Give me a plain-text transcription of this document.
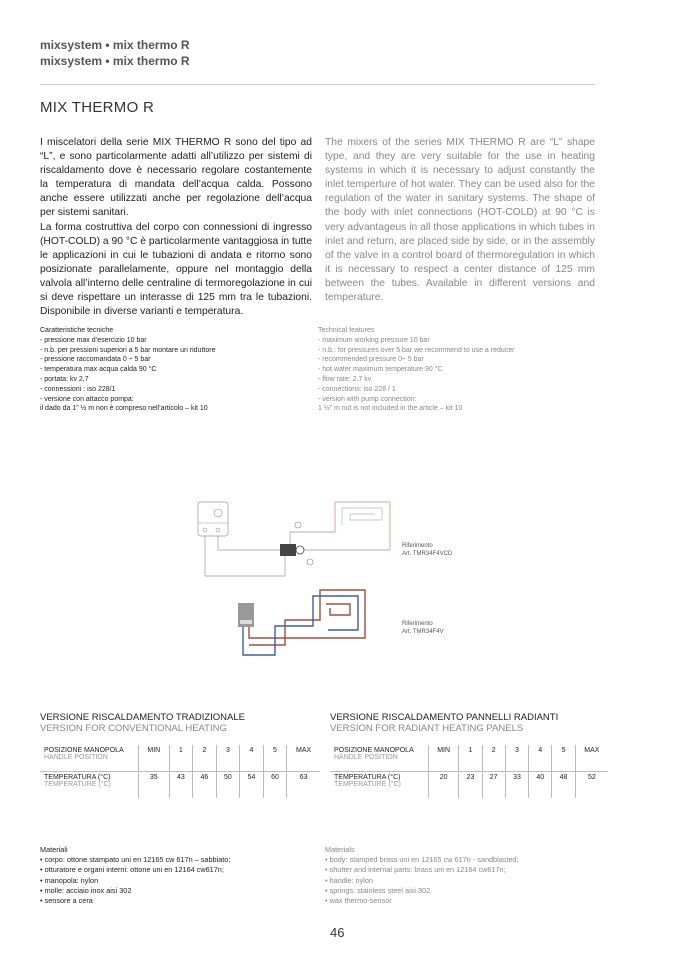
mixsystem • mix thermo R
mixsystem • mix thermo R
MIX THERMO R

I miscelatori della serie MIX THERMO R sono del tipo ad “L”, e sono particolarmente adatti all’utilizzo per sistemi di riscaldamento dove è necessario regolare costantemente la temperatura di mandata dell’acqua calda. Possono anche essere utilizzati anche per regolazione dell’acqua per sistemi sanitari.

La forma costruttiva del corpo con connessioni di ingresso (HOT-COLD) a 90 °C è particolarmente vantaggiosa in tutte le applicazioni in cui le tubazioni di andata e ritorno sono posizionate parallelamente, oppure nel montaggio della valvola all’interno delle centraline di termoregolazione in cui si deve rispettare un interasse di 125 mm tra le tubazioni. Disponibile in diverse varianti e temperatura.

The mixers of the series MIX THERMO R are “L” shape type, and they are very suitable for the use in heating systems in which it is necessary to adjust constantly the inlet temperture of hot water. They can be used also for the regulation of the water in sanitary systems. The shape of the body with inlet connections (HOT-COLD) at 90 °C is very advantageus in all those applications in which tubes in inlet and return, are placed side by side, or in the assembly of the valve in a control board of thermoregulation in which it is necessary to respect a center distance of 125 mm between the tubes. Available in different versions and temperature.

Caratteristiche tecniche
- pressione max d’esercizio 10 bar
- n.b. per pressioni superiori a 5 bar montare un riduttore
- pressione raccomandata 0 ÷ 5 bar
- temperatura max acqua calda 90 °C
- portata: kv 2,7
- connessioni : iso 228/1
- versione con attacco pompa:
il dado da 1” ½ m non è compreso nell’articolo – kit 10
Technical features
- maximum working pressure 10 bar
- n.b.: for pressures over 5 bar we recommend to use a reducer
- recommended pressure 0÷ 5 bar
- hot water maximum temperature 90 °C
- flow rate: 2.7 kv
- connections: iso 228 / 1
- version with pump connection:
1 ½” m nut is not included in the article – kit 10
Riferimento
Art. TMR34F4VCD
Riferimento
Art. TMR34F4V
VERSIONE RISCALDAMENTO TRADIZIONALE
VERSION FOR CONVENTIONAL HEATING
POSIZIONE MANOPOLA
HANDLE POSITION	MIN	1	2	3	4	5	MAX
TEMPERATURA (°C)
TEMPERATURE (°C)	35	43	46	50	54	60	63
VERSIONE RISCALDAMENTO PANNELLI RADIANTI
VERSION FOR RADIANT HEATING PANELS
POSIZIONE MANOPOLA
HANDLE POSITION	MIN	1	2	3	4	5	MAX
TEMPERATURA (°C)
TEMPERATURE (°C)	20	23	27	33	40	48	52
Materiali
• corpo: ottone stampato uni en 12165 cw 617n – sabbiato;
• otturatore e organi interni: ottone uni en 12164 cw617n;
• manopola: nylon
• molle: acciaio inox aisi 302
• sensore a cera
Materials
• body: stamped brass uni en 12165 cw 617n - sandblasted;
• shutter and internal parts: brass uni en 12164 cw617n;
• handle: nylon
• springs: stainless steel aisi 302
• wax thermo-sensor
46
